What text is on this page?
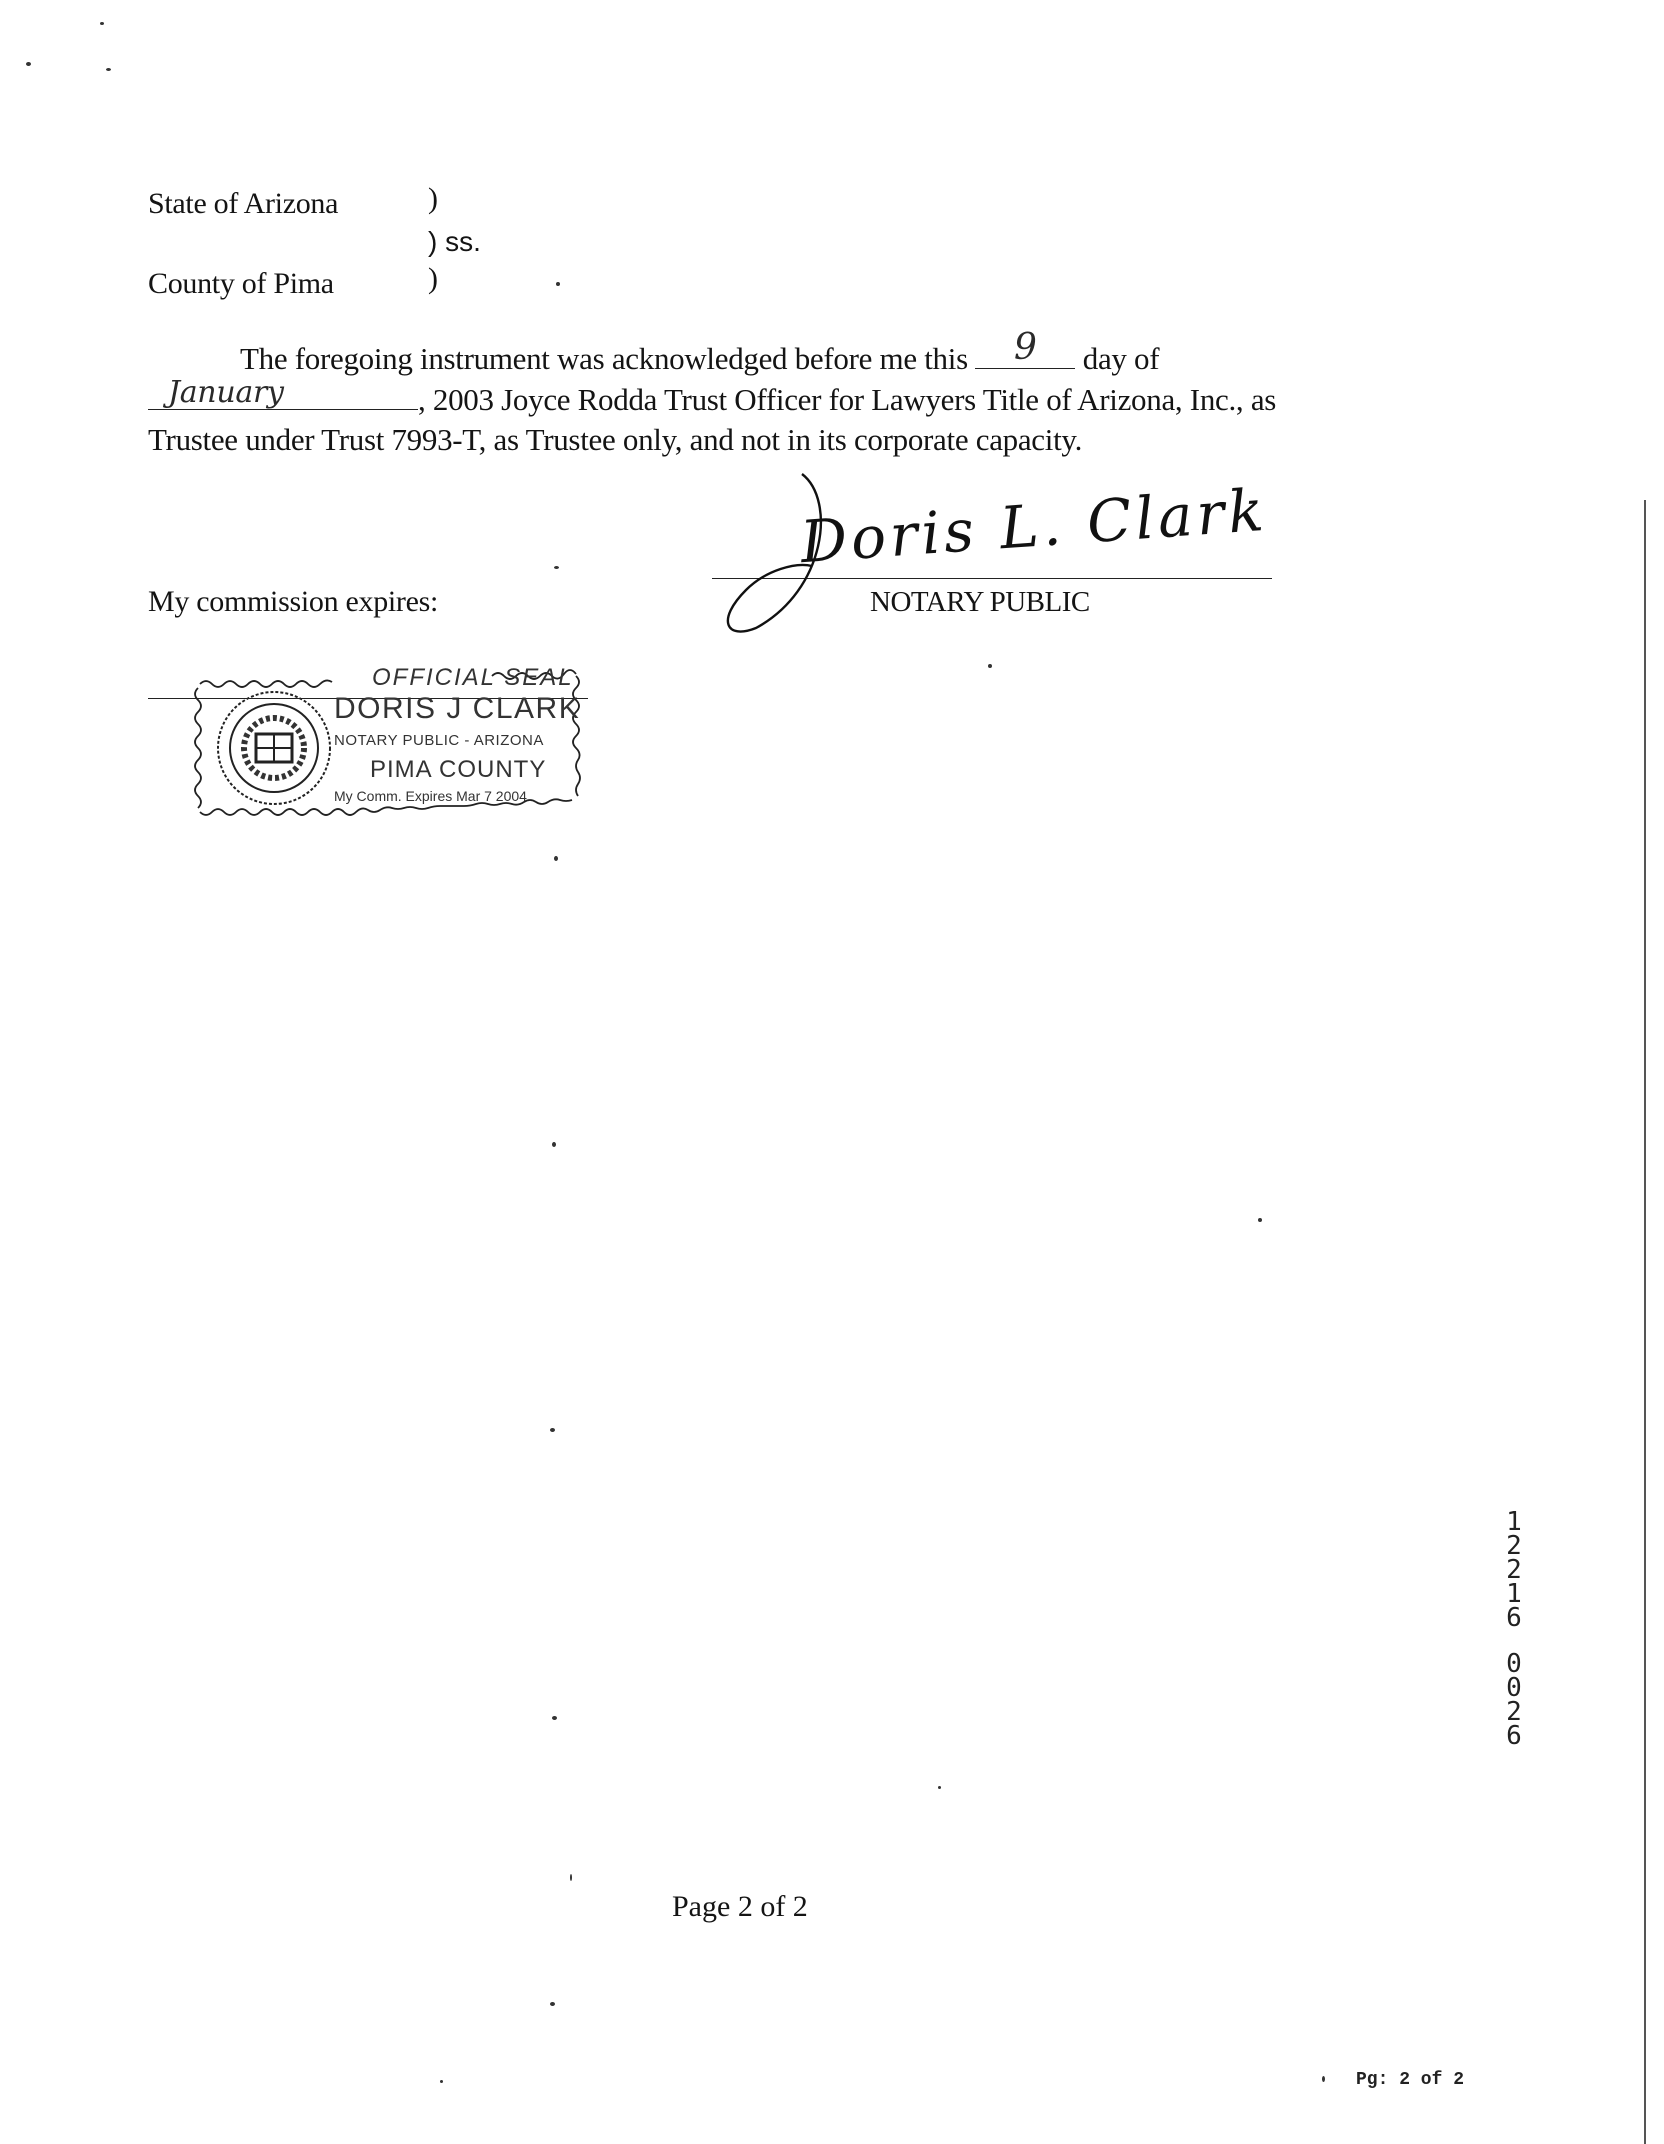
State of Arizona	)
) ss.
County of Pima	)
The foregoing instrument was acknowledged before me this 9 day of
January	, 2003 Joyce Rodda Trust Officer for Lawyers Title of Arizona, Inc., as
Trustee under Trust 7993-T, as Trustee only, and not in its corporate capacity.
My commission expires:
Doris L. Clark
NOTARY PUBLIC
OFFICIAL SEAL
DORIS J CLARK
NOTARY PUBLIC - ARIZONA
PIMA COUNTY
My Comm. Expires Mar 7 2004
1
2
2
1
6
0
0
2
6
Page 2 of 2
Pg: 2 of 2
